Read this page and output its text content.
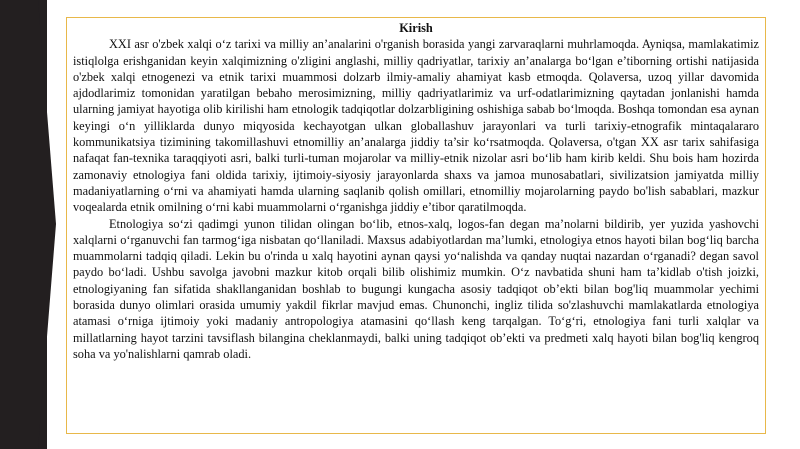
Kirish

XXI asr o'zbek xalqi o‘z tarixi va milliy an’analarini o'rganish borasida yangi zarvaraqlarni muhrlamoqda. Ayniqsa, mamlakatimiz istiqlolga erishganidan keyin xalqimizning o'zligini anglashi, milliy qadriyatlar, tarixiy an’analarga bo‘lgan e’tiborning ortishi natijasida o'zbek xalqi etnogenezi va etnik tarixi muammosi dolzarb ilmiy-amaliy ahamiyat kasb etmoqda. Qolaversa, uzoq yillar davomida ajdodlarimiz tomonidan yaratilgan bebaho merosimizning, milliy qadriyatlarimiz va urf-odatlarimizning qaytadan jonlanishi hamda ularning jamiyat hayotiga olib kirilishi ham etnologik tadqiqotlar dolzarbligining oshishiga sabab bo‘lmoqda. Boshqa tomondan esa aynan keyingi o‘n yilliklarda dunyo miqyosida kechayotgan ulkan globallashuv jarayonlari va turli tarixiy-etnografik mintaqalararo kommunikatsiya tizimining takomillashuvi etnomilliy an’analarga jiddiy ta’sir ko‘rsatmoqda. Qolaversa, o'tgan XX asr tarix sahifasiga nafaqat fan-texnika taraqqiyoti asri, balki turli-tuman mojarolar va milliy-etnik nizolar asri bo‘lib ham kirib keldi. Shu bois ham hozirda zamonaviy etnologiya fani oldida tarixiy, ijtimoiy-siyosiy jarayonlarda shaxs va jamoa munosabatlari, sivilizatsion jamiyatda milliy madaniyatlarning o‘rni va ahamiyati hamda ularning saqlanib qolish omillari, etnomilliy mojarolarning paydo bo'lish sabablari, mazkur voqealarda etnik omilning o‘rni kabi muammolarni o‘rganishga jiddiy e’tibor qaratilmoqda.

Etnologiya so‘zi qadimgi yunon tilidan olingan bo‘lib, etnos-xalq, logos-fan degan ma’nolarni bildirib, yer yuzida yashovchi xalqlarni o‘rganuvchi fan tarmog‘iga nisbatan qo‘llaniladi. Maxsus adabiyotlardan ma’lumki, etnologiya etnos hayoti bilan bog‘liq barcha muammolarni tadqiq qiladi. Lekin bu o'rinda u xalq hayotini aynan qaysi yo‘nalishda va qanday nuqtai nazardan o‘rganadi? degan savol paydo bo‘ladi. Ushbu savolga javobni mazkur kitob orqali bilib olishimiz mumkin. O‘z navbatida shuni ham ta’kidlab o'tish joizki, etnologiyaning fan sifatida shakllanganidan boshlab to bugungi kungacha asosiy tadqiqot ob’ekti bilan bog'liq muammolar yechimi borasida dunyo olimlari orasida umumiy yakdil fikrlar mavjud emas. Chunonchi, ingliz tilida so'zlashuvchi mamlakatlarda etnologiya atamasi o‘rniga ijtimoiy yoki madaniy antropologiya atamasini qo‘llash keng tarqalgan. To‘g‘ri, etnologiya fani turli xalqlar va millatlarning hayot tarzini tavsiflash bilangina cheklanmaydi, balki uning tadqiqot ob’ekti va predmeti xalq hayoti bilan bog'liq kengroq soha va yo'nalishlarni qamrab oladi.
